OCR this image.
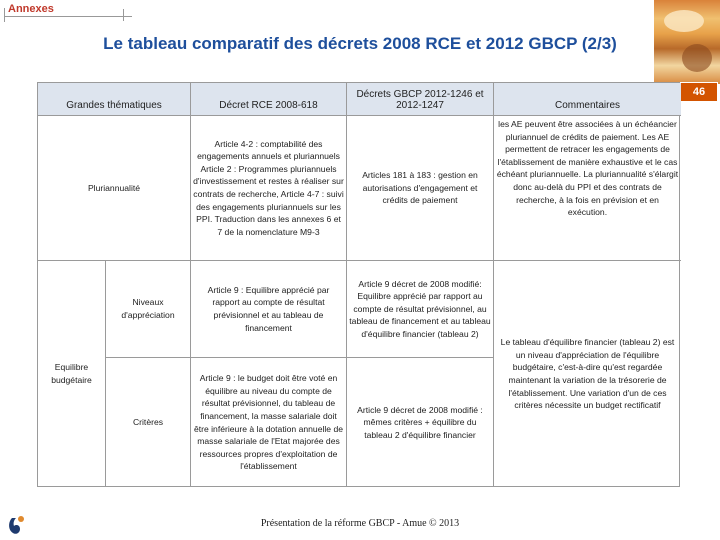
Annexes
46
Le tableau comparatif des décrets 2008 RCE et 2012 GBCP (2/3)
Grandes thématiques	Décret RCE 2008-618
Décrets GBCP 2012-1246 et 2012-1247	Commentaires
Pluriannualité
Article 4-2 : comptabilité des engagements annuels et pluriannuels Article 2 : Programmes pluriannuels d'investissement et restes à réaliser sur contrats de recherche, Article 4-7 : suivi des engagements pluriannuels sur les PPI. Traduction dans les annexes 6 et 7 de la nomenclature M9-3
Articles 181 à 183 : gestion en autorisations d'engagement et crédits de paiement
les AE peuvent être associées à un échéancier pluriannuel de crédits de paiement. Les AE permettent de retracer les engagements de l'établissement de manière exhaustive et le cas échéant pluriannuelle. La pluriannualité s'élargit donc au-delà du PPI et des contrats de recherche, à la fois en prévision et en exécution.
Equilibre budgétaire
Niveaux d'appréciation
Article 9 : Equilibre apprécié par rapport au compte de résultat prévisionnel et au tableau de financement
Article 9 décret de 2008 modifié: Equilibre apprécié par rapport au compte de résultat prévisionnel, au tableau de financement et au tableau d'équilibre financier (tableau 2)
Critères
Article 9 : le budget doit être voté en équilibre au niveau du compte de résultat prévisionnel, du tableau de financement, la masse salariale doit être inférieure à la dotation annuelle de masse salariale de l'Etat majorée des ressources propres d'exploitation de l'établissement
Article 9 décret de 2008 modifié : mêmes critères + équilibre du tableau 2 d'équilibre financier
Le tableau d'équilibre financier (tableau 2) est un niveau d'appréciation de l'équilibre budgétaire, c'est-à-dire qu'est regardée maintenant la variation de la trésorerie de l'établissement. Une variation d'un de ces critères nécessite un budget rectificatif
Présentation de la réforme GBCP - Amue © 2013
